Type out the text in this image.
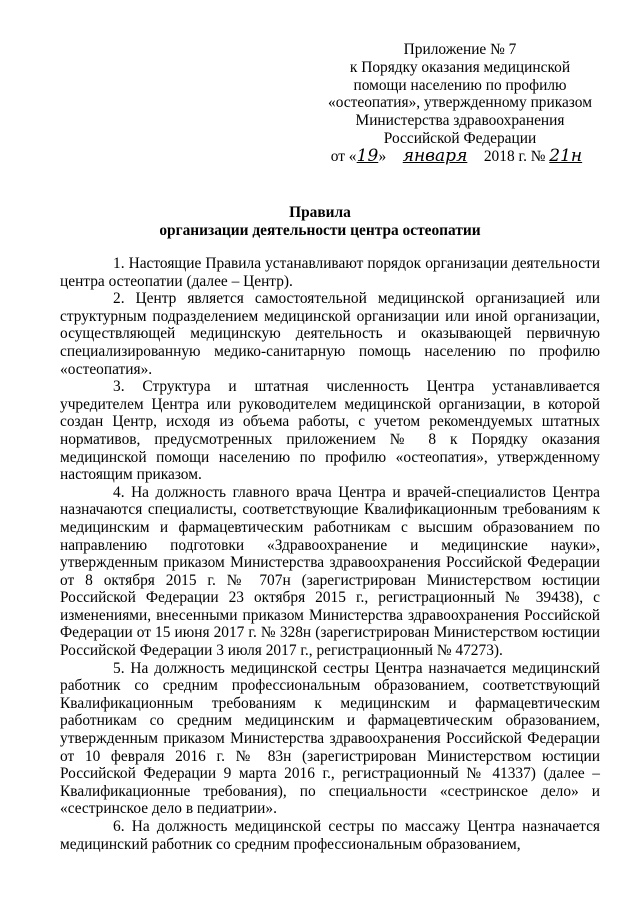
Приложение № 7
к Порядку оказания медицинской
помощи населению по профилю
«остеопатия», утвержденному приказом
Министерства здравоохранения
Российской Федерации
от «19» января 2018 г. № 21н
Правила
организации деятельности центра остеопатии

1. Настоящие Правила устанавливают порядок организации деятельности центра остеопатии (далее – Центр).

2. Центр является самостоятельной медицинской организацией или структурным подразделением медицинской организации или иной организации, осуществляющей медицинскую деятельность и оказывающей первичную специализированную медико-санитарную помощь населению по профилю «остеопатия».

3. Структура и штатная численность Центра устанавливается учредителем Центра или руководителем медицинской организации, в которой создан Центр, исходя из объема работы, с учетом рекомендуемых штатных нормативов, предусмотренных приложением № 8 к Порядку оказания медицинской помощи населению по профилю «остеопатия», утвержденному настоящим приказом.

4. На должность главного врача Центра и врачей-специалистов Центра назначаются специалисты, соответствующие Квалификационным требованиям к медицинским и фармацевтическим работникам с высшим образованием по направлению подготовки «Здравоохранение и медицинские науки», утвержденным приказом Министерства здравоохранения Российской Федерации от 8 октября 2015 г. № 707н (зарегистрирован Министерством юстиции Российской Федерации 23 октября 2015 г., регистрационный № 39438), с изменениями, внесенными приказом Министерства здравоохранения Российской Федерации от 15 июня 2017 г. № 328н (зарегистрирован Министерством юстиции Российской Федерации 3 июля 2017 г., регистрационный № 47273).

5. На должность медицинской сестры Центра назначается медицинский работник со средним профессиональным образованием, соответствующий Квалификационным требованиям к медицинским и фармацевтическим работникам со средним медицинским и фармацевтическим образованием, утвержденным приказом Министерства здравоохранения Российской Федерации от 10 февраля 2016 г. № 83н (зарегистрирован Министерством юстиции Российской Федерации 9 марта 2016 г., регистрационный № 41337) (далее – Квалификационные требования), по специальности «сестринское дело» и «сестринское дело в педиатрии».

6. На должность медицинской сестры по массажу Центра назначается медицинский работник со средним профессиональным образованием,
